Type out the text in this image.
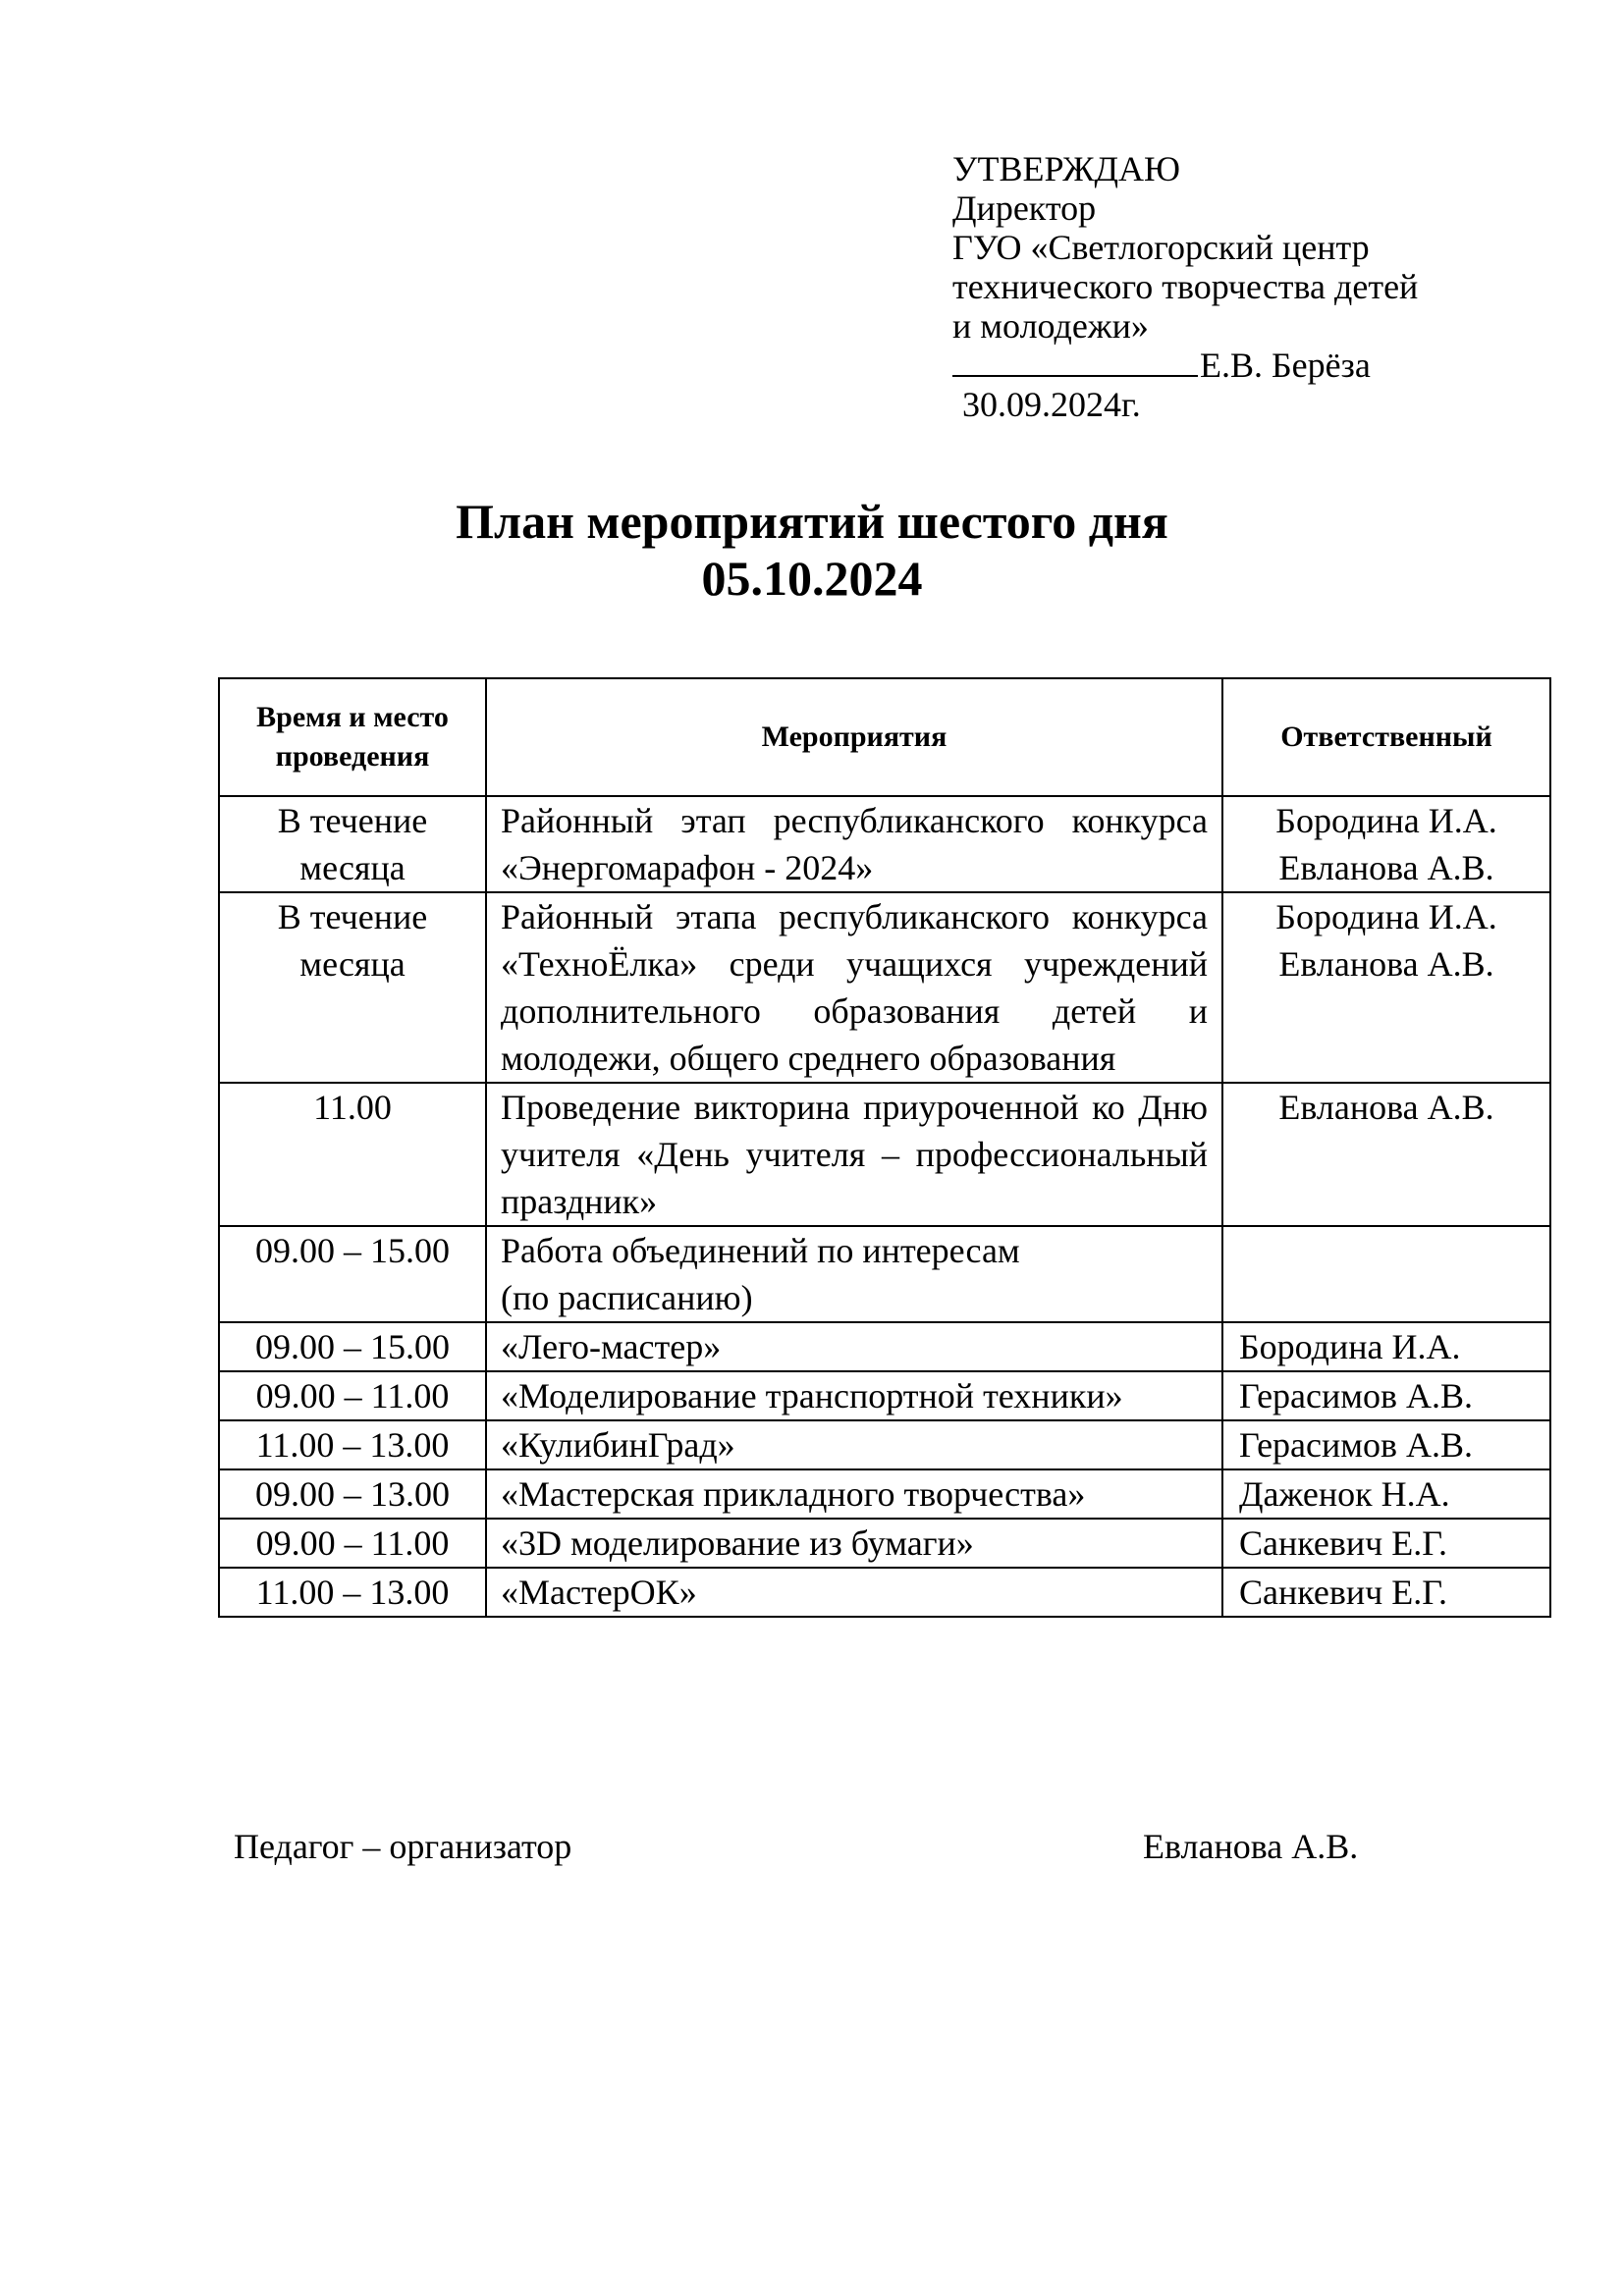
УТВЕРЖДАЮ
Директор
ГУО «Светлогорский центр
технического творчества детей
и молодежи»
Е.В. Берёза
30.09.2024г.
План мероприятий шестого дня
05.10.2024
Время и место
проведения	Мероприятия	Ответственный
В течение месяца	Районный этап республиканского конкурса «Энергомарафон - 2024»	Бородина И.А.
Евланова А.В.

В течение месяца	Районный этапа республиканского конкурса «ТехноЁлка» среди учащихся учреждений дополнительного образования детей и молодежи, общего среднего образования	Бородина И.А.
Евланова А.В.

11.00	Проведение викторина приуроченной ко Дню учителя «День учителя – профессиональный праздник»	Евланова А.В.
09.00 – 15.00	Работа объединений по интересам
(по расписанию)	

09.00 – 15.00	«Лего-мастер»	Бородина И.А.
09.00 – 11.00	«Моделирование транспортной техники»	Герасимов А.В.
11.00 – 13.00	«КулибинГрад»	Герасимов А.В.
09.00 – 13.00	«Мастерская прикладного творчества»	Даженок Н.А.
09.00 – 11.00	«3D моделирование из бумаги»	Санкевич Е.Г.
11.00 – 13.00	«МастерОК»	Санкевич Е.Г.
Педагог – организатор	Евланова А.В.
